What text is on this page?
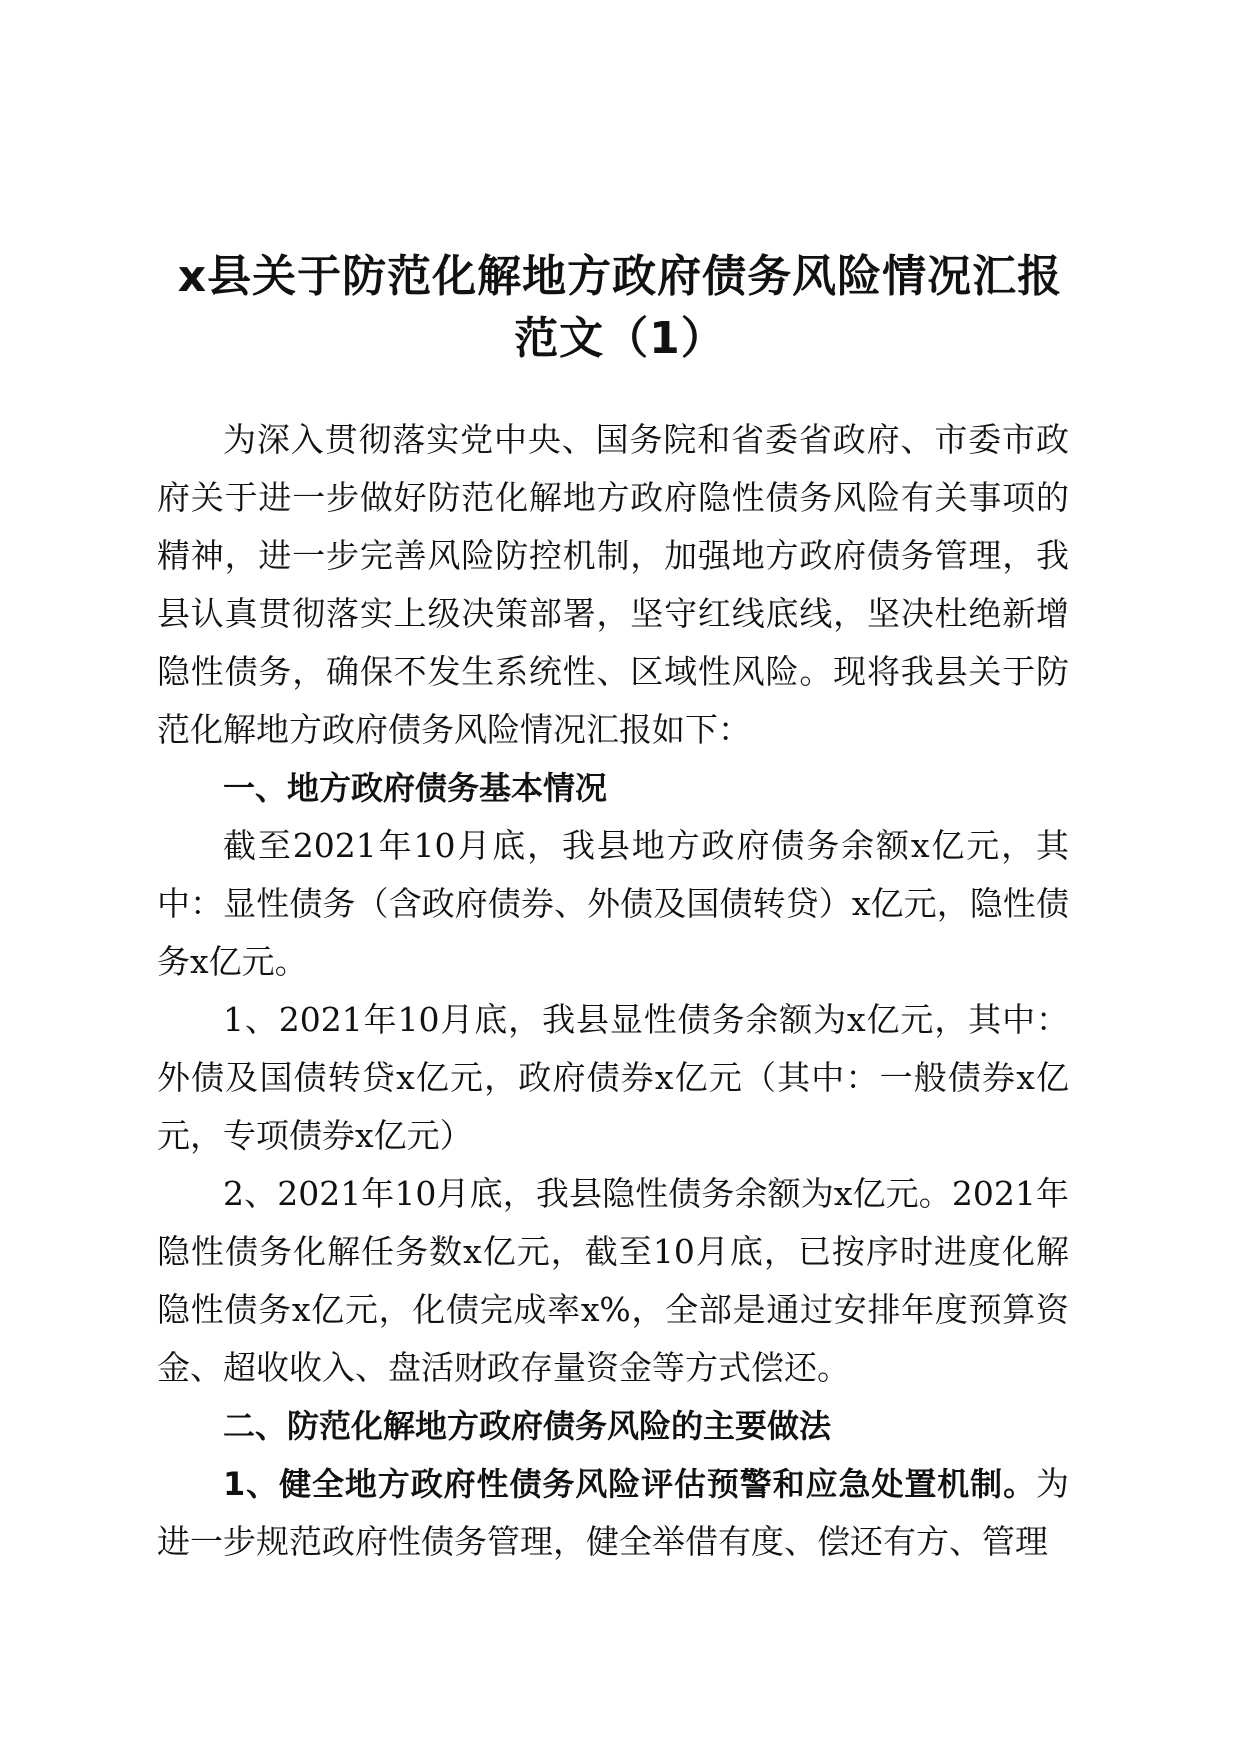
x县关于防范化解地方政府债务风险情况汇报
范文（1）

为深入贯彻落实党中央、国务院和省委省政府、市委市政府关于进一步做好防范化解地方政府隐性债务风险有关事项的精神，进一步完善风险防控机制，加强地方政府债务管理，我县认真贯彻落实上级决策部署，坚守红线底线，坚决杜绝新增隐性债务，确保不发生系统性、区域性风险。现将我县关于防范化解地方政府债务风险情况汇报如下：

一、地方政府债务基本情况

截至2021年10月底，我县地方政府债务余额x亿元，其中：显性债务（含政府债券、外债及国债转贷）x亿元，隐性债务x亿元。

1、2021年10月底，我县显性债务余额为x亿元，其中：外债及国债转贷x亿元，政府债券x亿元（其中：一般债券x亿元，专项债券x亿元）

2、2021年10月底，我县隐性债务余额为x亿元。2021年隐性债务化解任务数x亿元，截至10月底，已按序时进度化解隐性债务x亿元，化债完成率x%，全部是通过安排年度预算资金、超收收入、盘活财政存量资金等方式偿还。

二、防范化解地方政府债务风险的主要做法

1、健全地方政府性债务风险评估预警和应急处置机制。为进一步规范政府性债务管理，健全举借有度、偿还有方、管理
